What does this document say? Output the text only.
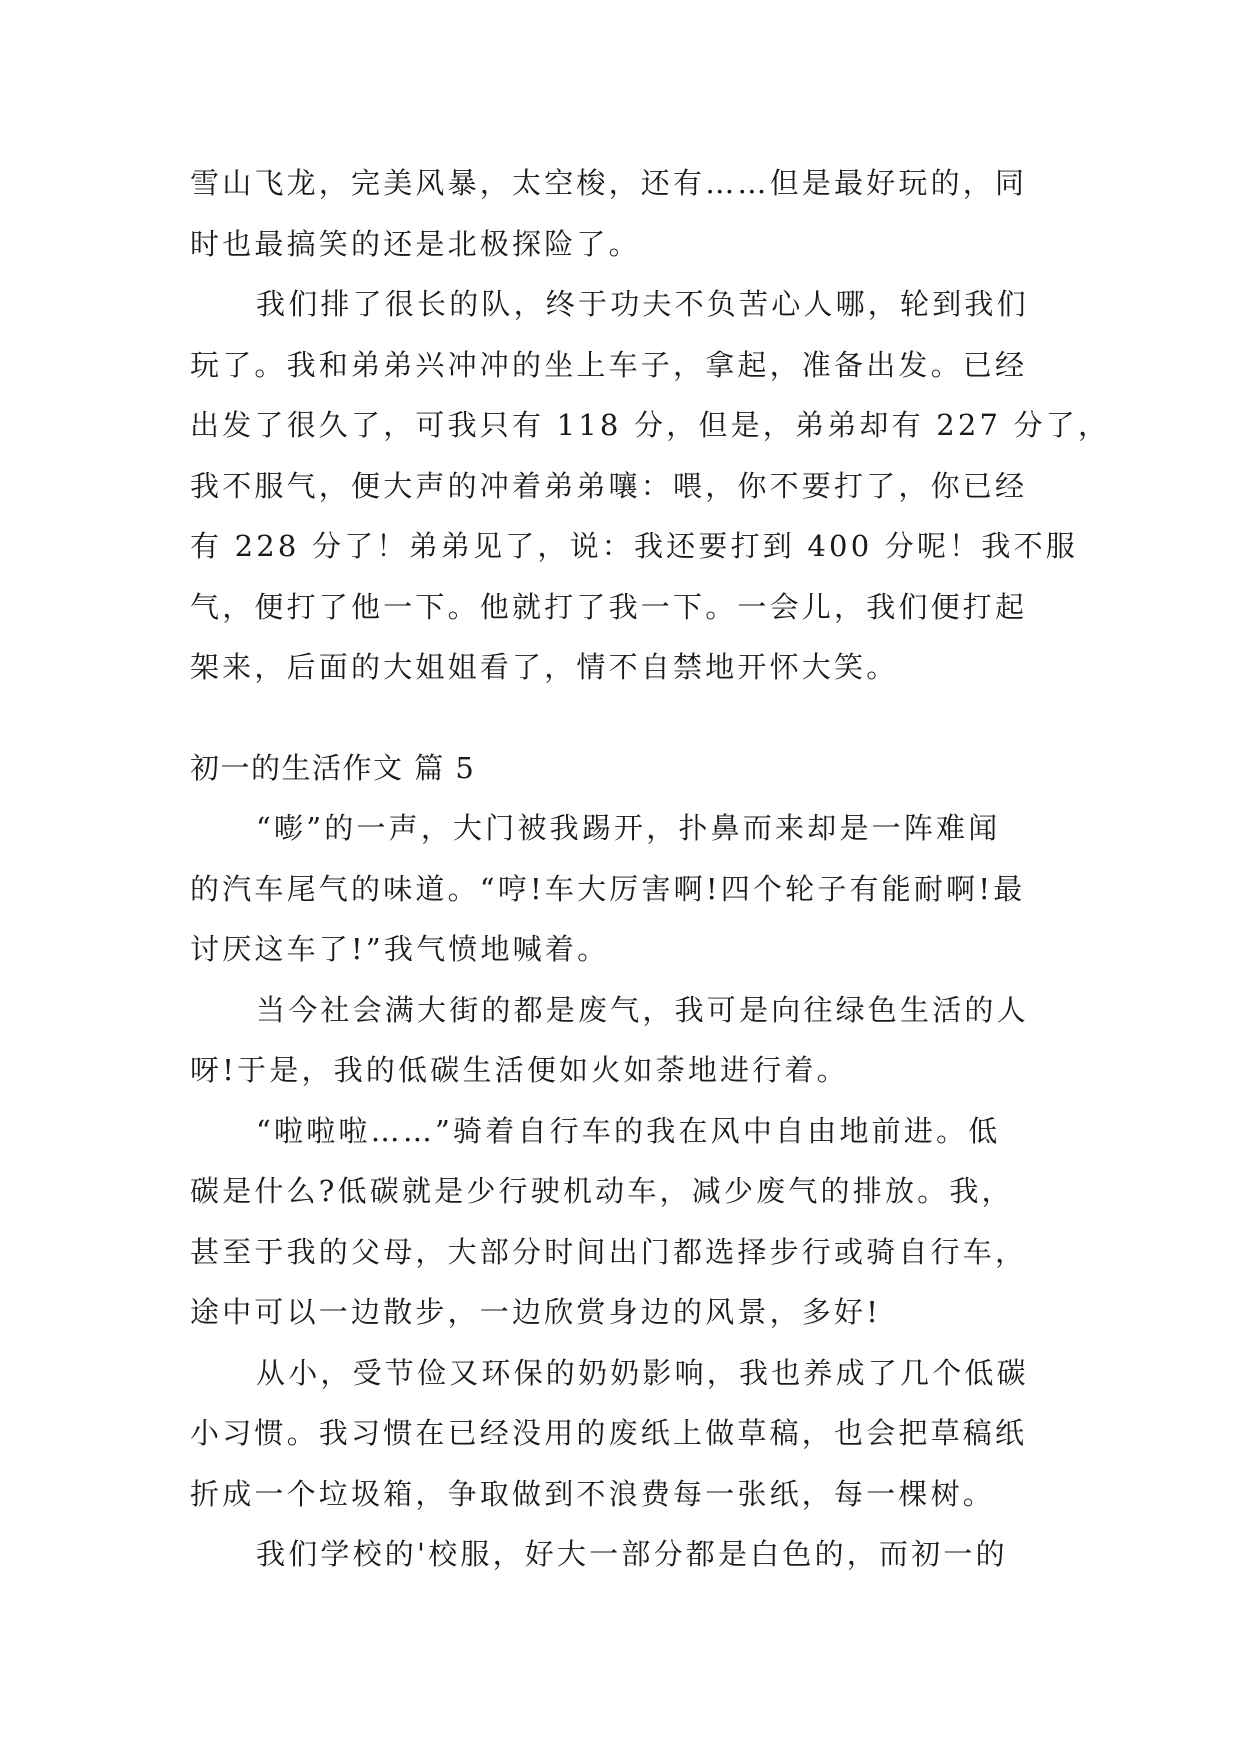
雪山飞龙，完美风暴，太空梭，还有……但是最好玩的，同
时也最搞笑的还是北极探险了。
我们排了很长的队，终于功夫不负苦心人哪，轮到我们
玩了。我和弟弟兴冲冲的坐上车子，拿起，准备出发。已经
出发了很久了，可我只有 118 分，但是，弟弟却有 227 分了，
我不服气，便大声的冲着弟弟嚷：喂，你不要打了，你已经
有 228 分了！弟弟见了，说：我还要打到 400 分呢！我不服
气，便打了他一下。他就打了我一下。一会儿，我们便打起
架来，后面的大姐姐看了，情不自禁地开怀大笑。
初一的生活作文 篇 5
“嘭”的一声，大门被我踢开，扑鼻而来却是一阵难闻
的汽车尾气的味道。“哼!车大厉害啊!四个轮子有能耐啊!最
讨厌这车了!”我气愤地喊着。
当今社会满大街的都是废气，我可是向往绿色生活的人
呀!于是，我的低碳生活便如火如荼地进行着。
“啦啦啦……”骑着自行车的我在风中自由地前进。低
碳是什么?低碳就是少行驶机动车，减少废气的排放。我，
甚至于我的父母，大部分时间出门都选择步行或骑自行车，
途中可以一边散步，一边欣赏身边的风景，多好!
从小，受节俭又环保的奶奶影响，我也养成了几个低碳
小习惯。我习惯在已经没用的废纸上做草稿，也会把草稿纸
折成一个垃圾箱，争取做到不浪费每一张纸，每一棵树。
我们学校的'校服，好大一部分都是白色的，而初一的
